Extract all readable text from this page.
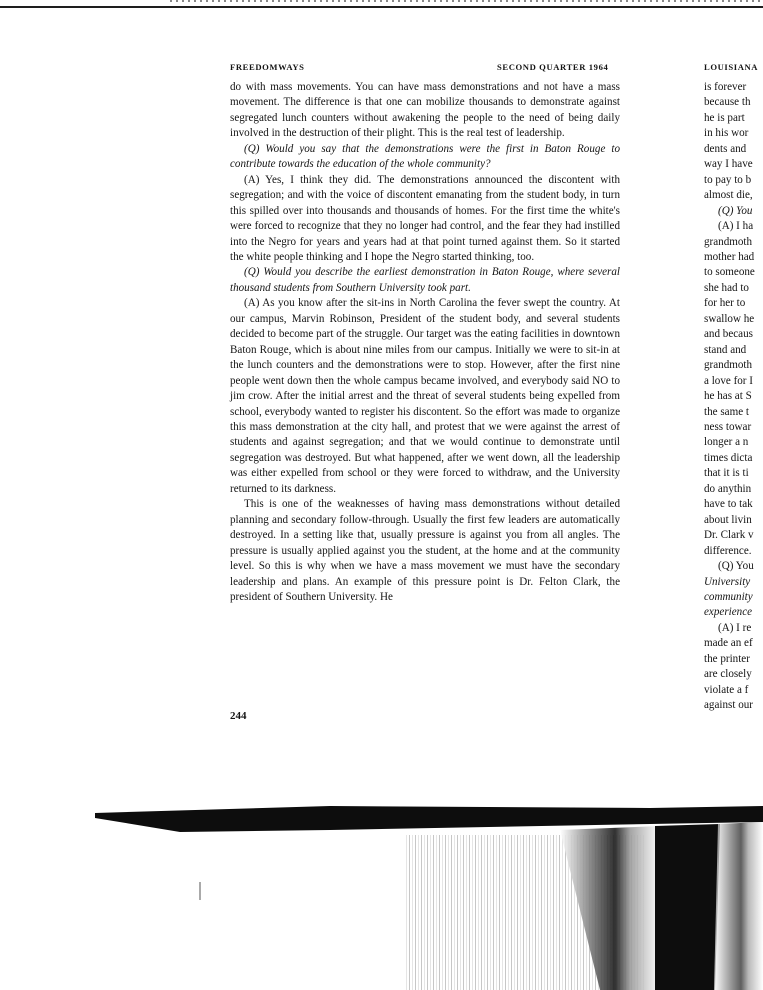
FREEDOMWAYS	SECOND QUARTER 1964	LOUISIANA

do with mass movements. You can have mass demonstrations and not have a mass movement. The difference is that one can mobilize thousands to demonstrate against segregated lunch counters without awakening the people to the need of being daily involved in the destruction of their plight. This is the real test of leadership.

(Q) Would you say that the demonstrations were the first in Baton Rouge to contribute towards the education of the whole community?

(A) Yes, I think they did. The demonstrations announced the discontent with segregation; and with the voice of discontent emanating from the student body, in turn this spilled over into thousands and thousands of homes. For the first time the white's were forced to recognize that they no longer had control, and the fear they had instilled into the Negro for years and years had at that point turned against them. So it started the white people thinking and I hope the Negro started thinking, too.

(Q) Would you describe the earliest demonstration in Baton Rouge, where several thousand students from Southern University took part.

(A) As you know after the sit-ins in North Carolina the fever swept the country. At our campus, Marvin Robinson, President of the student body, and several students decided to become part of the struggle. Our target was the eating facilities in downtown Baton Rouge, which is about nine miles from our campus. Initially we were to sit-in at the lunch counters and the demonstrations were to stop. However, after the first nine people went down then the whole campus became involved, and everybody said NO to jim crow. After the initial arrest and the threat of several students being expelled from school, everybody wanted to register his discontent. So the effort was made to organize this mass demonstration at the city hall, and protest that we were against the arrest of students and against segregation; and that we would continue to demonstrate until segregation was destroyed. But what happened, after we went down, all the leadership was either expelled from school or they were forced to withdraw, and the University returned to its darkness.

This is one of the weaknesses of having mass demonstrations without detailed planning and secondary follow-through. Usually the first few leaders are automatically destroyed. In a setting like that, usually pressure is against you from all angles. The pressure is usually applied against you the student, at the home and at the community level. So this is why when we have a mass movement we must have the secondary leadership and plans. An example of this pressure point is Dr. Felton Clark, the president of Southern University. He

244
is forever
because th
he is part
in his wor
dents and
way I have
to pay to b
almost die,
(Q) You
(A) I ha
grandmoth
mother had
to someone
she had to
for her to
swallow he
and becaus
stand and
grandmoth
a love for I
he has at S
the same t
ness towar
longer a n
times dicta
that it is ti
do anythin
have to tak
about livin
Dr. Clark v
difference.
(Q) You
University
community
experience
(A) I re
made an ef
the printer
are closely
violate a f
against our
